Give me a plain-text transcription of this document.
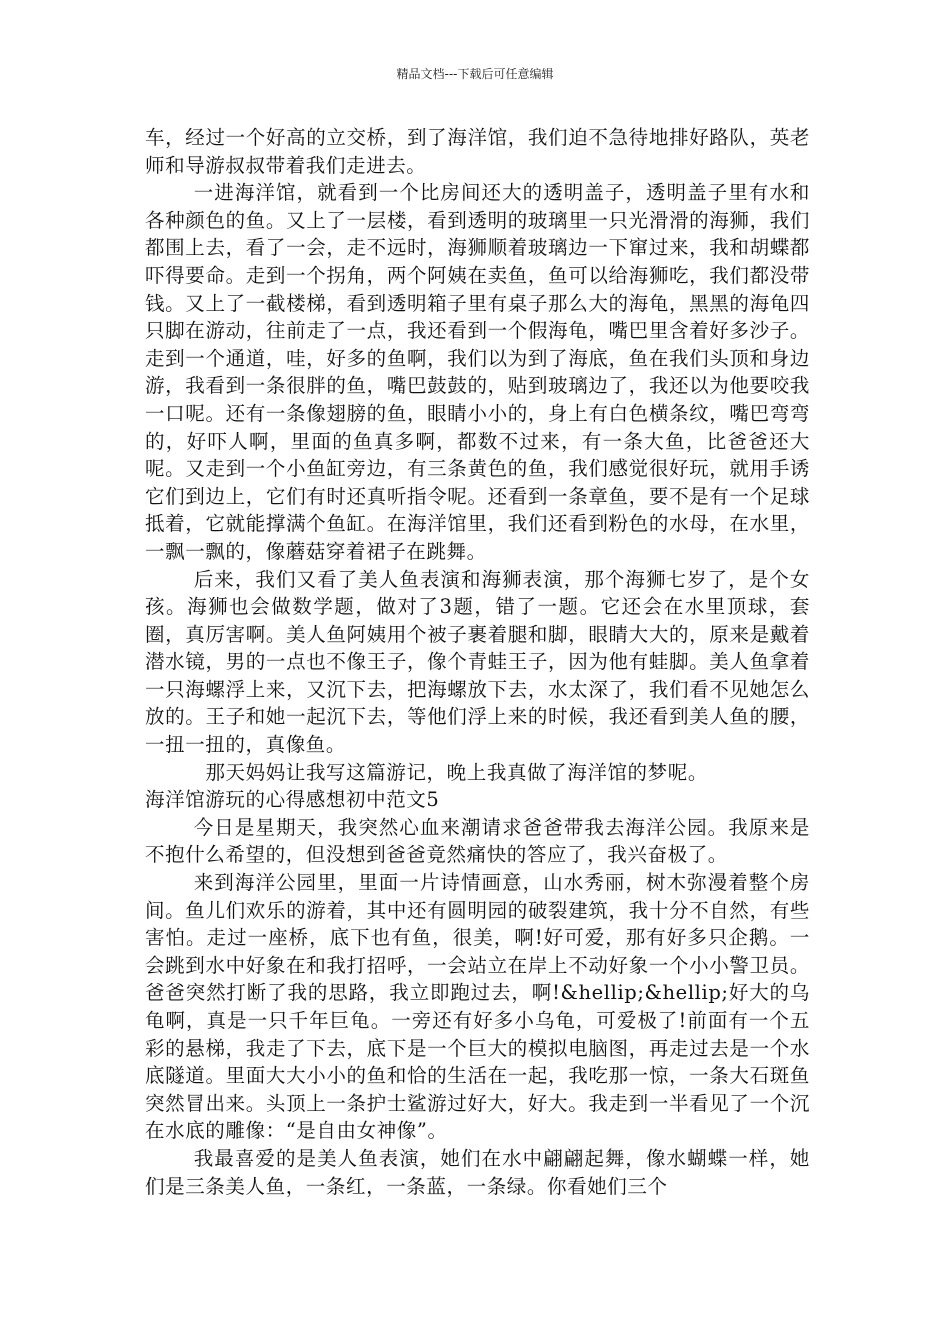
精品文档---下载后可任意编辑

车，经过一个好高的立交桥，到了海洋馆，我们迫不急待地排好路队，英老师和导游叔叔带着我们走进去。

一进海洋馆，就看到一个比房间还大的透明盖子，透明盖子里有水和各种颜色的鱼。又上了一层楼，看到透明的玻璃里一只光滑滑的海狮，我们都围上去，看了一会，走不远时，海狮顺着玻璃边一下窜过来，我和胡蝶都吓得要命。走到一个拐角，两个阿姨在卖鱼，鱼可以给海狮吃，我们都没带钱。又上了一截楼梯，看到透明箱子里有桌子那么大的海龟，黑黑的海龟四只脚在游动，往前走了一点，我还看到一个假海龟，嘴巴里含着好多沙子。走到一个通道，哇，好多的鱼啊，我们以为到了海底，鱼在我们头顶和身边游，我看到一条很胖的鱼，嘴巴鼓鼓的，贴到玻璃边了，我还以为他要咬我一口呢。还有一条像翅膀的鱼，眼睛小小的，身上有白色横条纹，嘴巴弯弯的，好吓人啊，里面的鱼真多啊，都数不过来，有一条大鱼，比爸爸还大呢。又走到一个小鱼缸旁边，有三条黄色的鱼，我们感觉很好玩，就用手诱它们到边上，它们有时还真听指令呢。还看到一条章鱼，要不是有一个足球抵着，它就能撑满个鱼缸。在海洋馆里，我们还看到粉色的水母，在水里，一飘一飘的，像蘑菇穿着裙子在跳舞。

后来，我们又看了美人鱼表演和海狮表演，那个海狮七岁了，是个女孩。海狮也会做数学题，做对了3题，错了一题。它还会在水里顶球，套圈，真厉害啊。美人鱼阿姨用个被子裹着腿和脚，眼睛大大的，原来是戴着潜水镜，男的一点也不像王子，像个青蛙王子，因为他有蛙脚。美人鱼拿着一只海螺浮上来，又沉下去，把海螺放下去，水太深了，我们看不见她怎么放的。王子和她一起沉下去，等他们浮上来的时候，我还看到美人鱼的腰，一扭一扭的，真像鱼。

那天妈妈让我写这篇游记，晚上我真做了海洋馆的梦呢。

海洋馆游玩的心得感想初中范文5

今日是星期天，我突然心血来潮请求爸爸带我去海洋公园。我原来是不抱什么希望的，但没想到爸爸竟然痛快的答应了，我兴奋极了。

来到海洋公园里，里面一片诗情画意，山水秀丽，树木弥漫着整个房间。鱼儿们欢乐的游着，其中还有圆明园的破裂建筑，我十分不自然，有些害怕。走过一座桥，底下也有鱼，很美，啊!好可爱，那有好多只企鹅。一会跳到水中好象在和我打招呼，一会站立在岸上不动好象一个小小警卫员。爸爸突然打断了我的思路，我立即跑过去，啊!&hellip;&hellip;好大的乌龟啊，真是一只千年巨龟。一旁还有好多小乌龟，可爱极了!前面有一个五彩的悬梯，我走了下去，底下是一个巨大的模拟电脑图，再走过去是一个水底隧道。里面大大小小的鱼和恰的生活在一起，我吃那一惊，一条大石斑鱼突然冒出来。头顶上一条护士鲨游过好大，好大。我走到一半看见了一个沉在水底的雕像：“是自由女神像”。

我最喜爱的是美人鱼表演，她们在水中翩翩起舞，像水蝴蝶一样，她们是三条美人鱼，一条红，一条蓝，一条绿。你看她们三个
